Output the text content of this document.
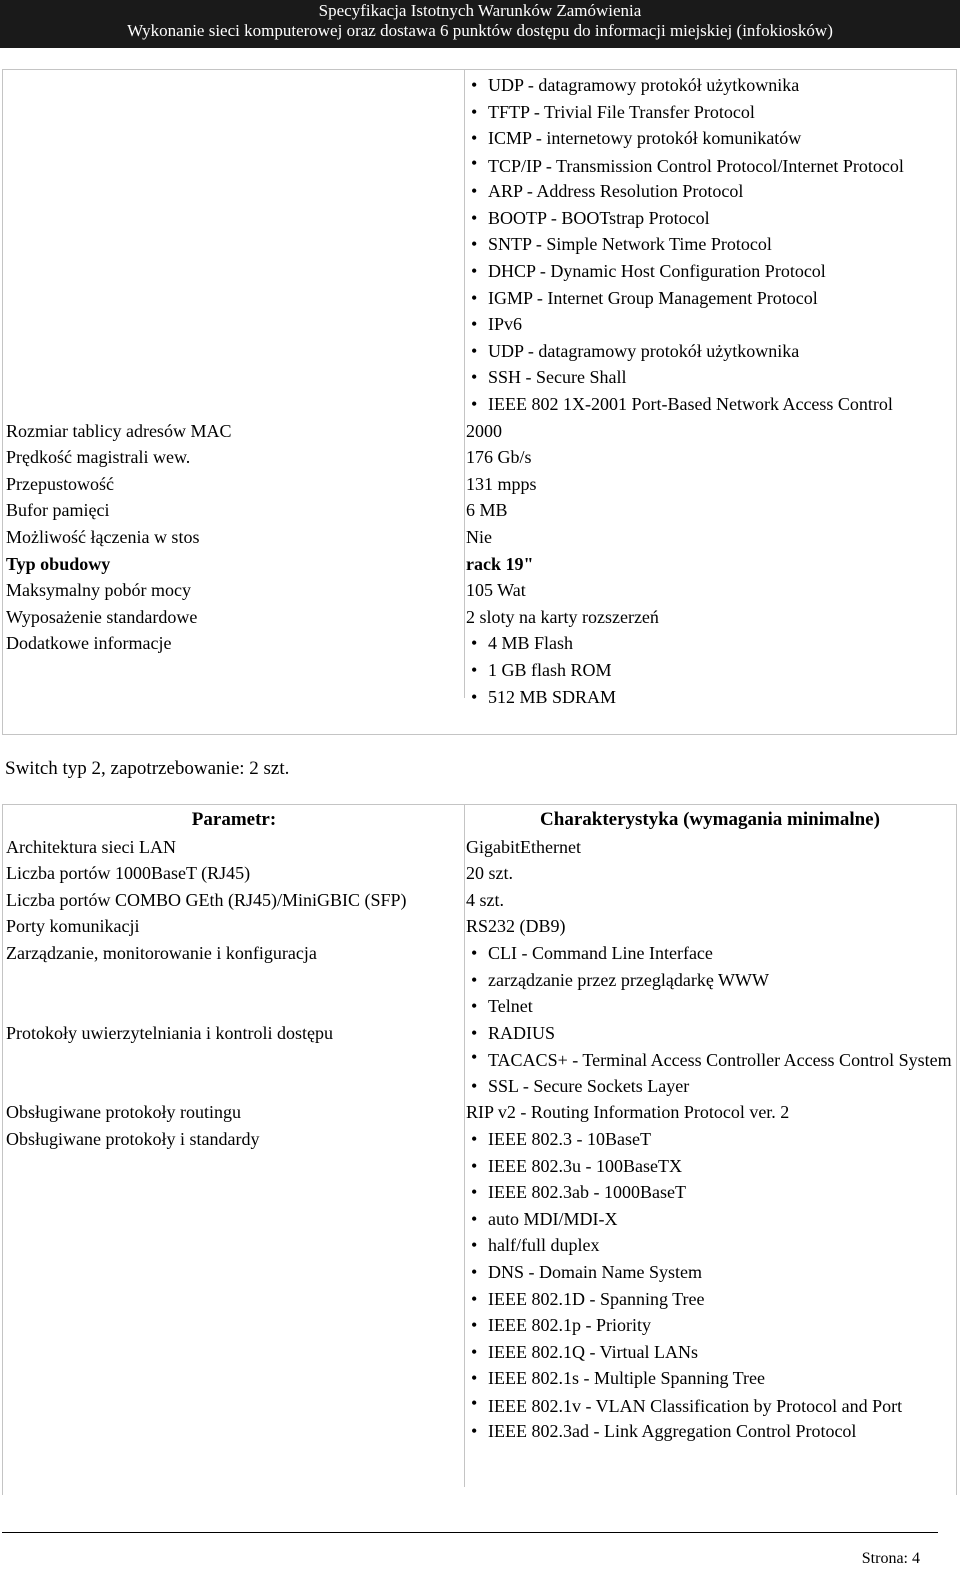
Specyfikacja Istotnych Warunków Zamówienia
Wykonanie sieci komputerowej oraz dostawa 6 punktów dostępu do informacji miejskiej (infokiosków)
• UDP - datagramowy protokół użytkownika
• TFTP - Trivial File Transfer Protocol
• ICMP - internetowy protokół komunikatów
• TCP/IP - Transmission Control Protocol/Internet Protocol
• ARP - Address Resolution Protocol
• BOOTP - BOOTstrap Protocol
• SNTP - Simple Network Time Protocol
• DHCP - Dynamic Host Configuration Protocol
• IGMP - Internet Group Management Protocol
• IPv6
• UDP - datagramowy protokół użytkownika
• SSH - Secure Shall
• IEEE 802 1X-2001 Port-Based Network Access Control
Rozmiar tablicy adresów MAC	2000
Prędkość magistrali wew.	176 Gb/s
Przepustowość	131 mpps
Bufor pamięci	6 MB
Możliwość łączenia w stos	Nie
Typ obudowy	rack 19"
Maksymalny pobór mocy	105 Wat
Wyposażenie standardowe	2 sloty na karty rozszerzeń
Dodatkowe informacje	• 4 MB Flash
• 1 GB flash ROM
• 512 MB SDRAM
Switch typ 2, zapotrzebowanie: 2 szt.
Parametr:	Charakterystyka (wymagania minimalne)
Architektura sieci LAN	GigabitEthernet
Liczba portów 1000BaseT (RJ45)	20 szt.
Liczba portów COMBO GEth (RJ45)/MiniGBIC (SFP)	4 szt.
Porty komunikacji	RS232 (DB9)
Zarządzanie, monitorowanie i konfiguracja	• CLI - Command Line Interface
• zarządzanie przez przeglądarkę WWW
• Telnet
Protokoły uwierzytelniania i kontroli dostępu	• RADIUS
• TACACS+ - Terminal Access Controller Access Control System
• SSL - Secure Sockets Layer
Obsługiwane protokoły routingu	RIP v2 - Routing Information Protocol ver. 2
Obsługiwane protokoły i standardy	• IEEE 802.3 - 10BaseT
• IEEE 802.3u - 100BaseTX
• IEEE 802.3ab - 1000BaseT
• auto MDI/MDI-X
• half/full duplex
• DNS - Domain Name System
• IEEE 802.1D - Spanning Tree
• IEEE 802.1p - Priority
• IEEE 802.1Q - Virtual LANs
• IEEE 802.1s - Multiple Spanning Tree
• IEEE 802.1v - VLAN Classification by Protocol and Port
• IEEE 802.3ad - Link Aggregation Control Protocol
Strona: 4
